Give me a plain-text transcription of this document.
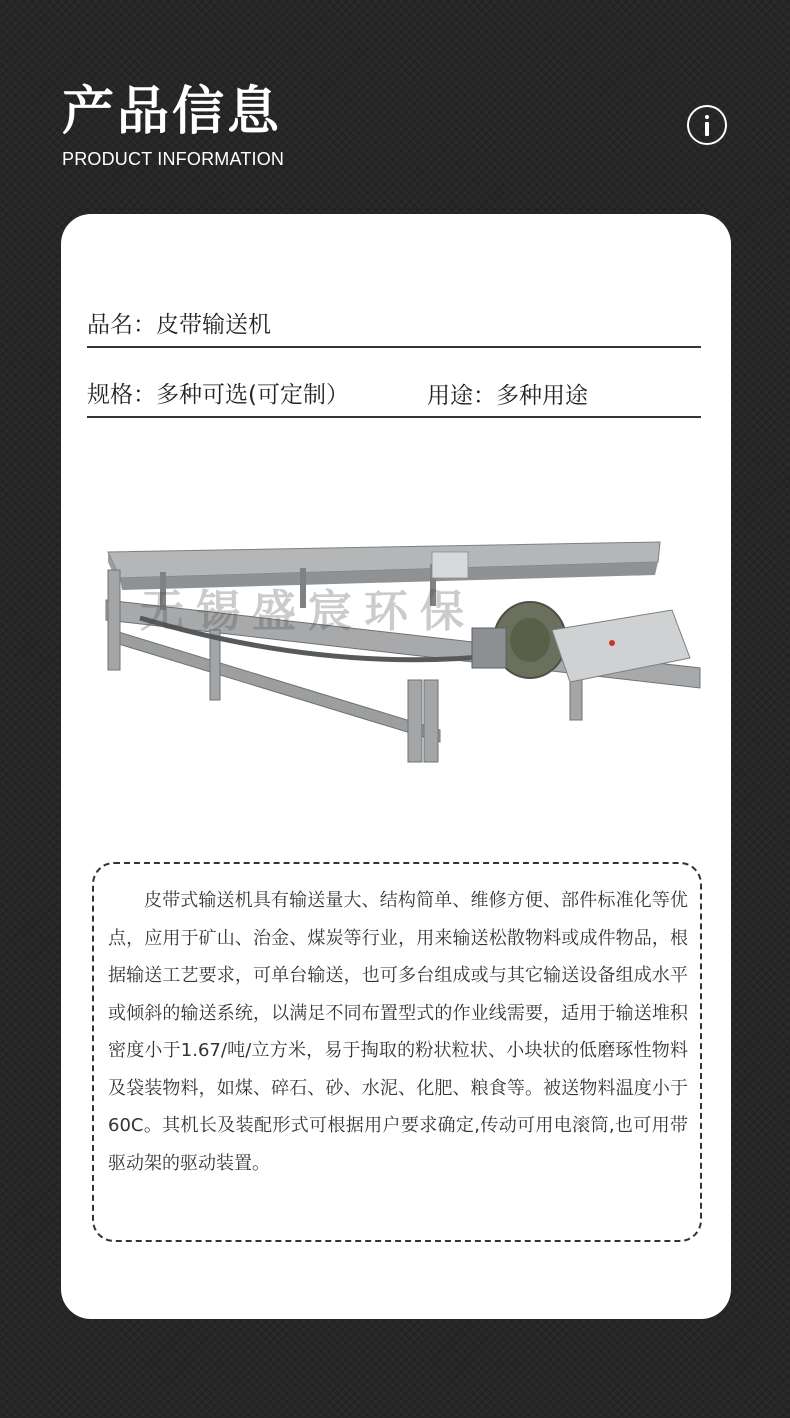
产品信息
PRODUCT INFORMATION
品名：皮带输送机
规格：多种可选(可定制）	用途：多种用途
无锡盛宸环保

皮带式输送机具有输送量大、结构简单、维修方便、部件标准化等优点，应用于矿山、治金、煤炭等行业，用来输送松散物料或成件物品，根据输送工艺要求，可单台输送，也可多台组成或与其它输送设备组成水平或倾斜的输送系统，以满足不同布置型式的作业线需要，适用于输送堆积密度小于1.67/吨/立方米，易于掏取的粉状粒状、小块状的低磨琢性物料及袋装物料，如煤、碎石、砂、水泥、化肥、粮食等。被送物料温度小于60C。其机长及装配形式可根据用户要求确定,传动可用电滚筒,也可用带驱动架的驱动装置。
